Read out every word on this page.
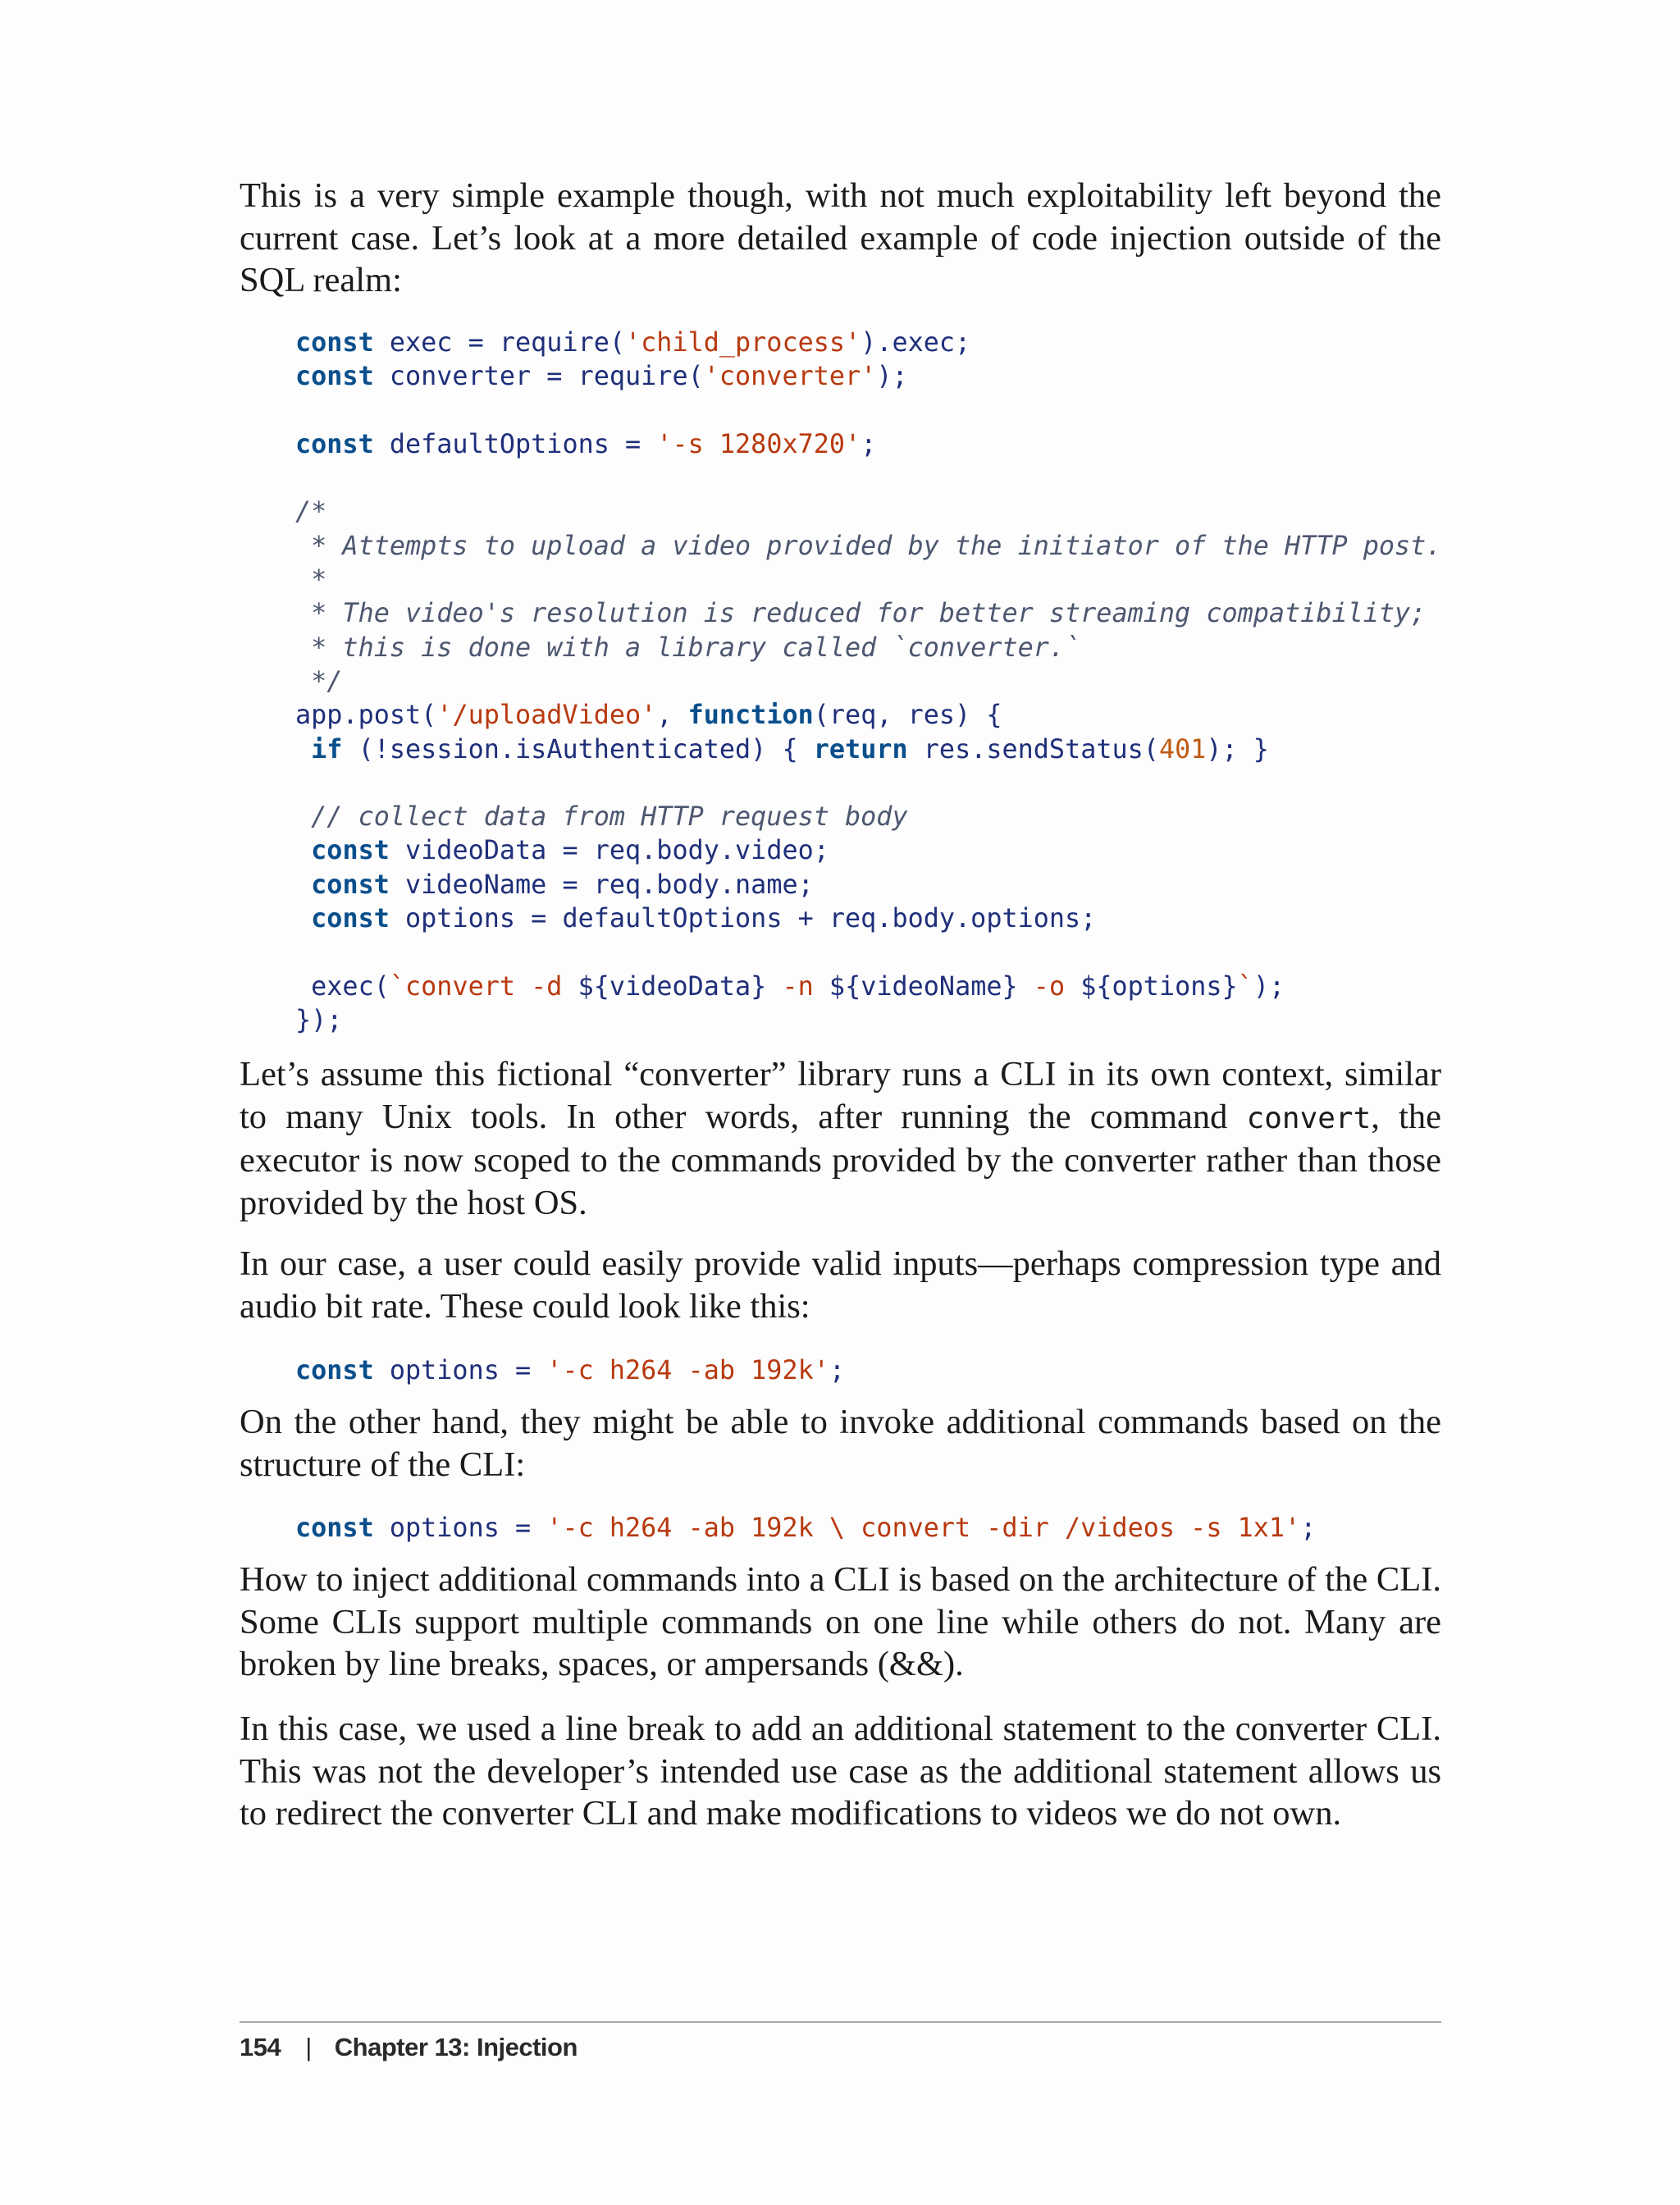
This is a very simple example though, with not much exploitability left beyond the current case. Let’s look at a more detailed example of code injection outside of the SQL realm:

const exec = require('child_process').exec;
const converter = require('converter');
const defaultOptions = '-s 1280x720';
/*
* Attempts to upload a video provided by the initiator of the HTTP post.
*
* The video's resolution is reduced for better streaming compatibility;
* this is done with a library called `converter.`
*/
app.post('/uploadVideo', function(req, res) {
if (!session.isAuthenticated) { return res.sendStatus(401); }
// collect data from HTTP request body
const videoData = req.body.video;
const videoName = req.body.name;
const options = defaultOptions + req.body.options;
exec(`convert -d ${videoData} -n ${videoName} -o ${options}`);
});

Let’s assume this fictional “converter” library runs a CLI in its own context, similar to many Unix tools. In other words, after running the command convert, the executor is now scoped to the commands provided by the converter rather than those provided by the host OS.

In our case, a user could easily provide valid inputs—perhaps compression type and audio bit rate. These could look like this:

const options = '-c h264 -ab 192k';

On the other hand, they might be able to invoke additional commands based on the structure of the CLI:

const options = '-c h264 -ab 192k \ convert -dir /videos -s 1x1';

How to inject additional commands into a CLI is based on the architecture of the CLI. Some CLIs support multiple commands on one line while others do not. Many are broken by line breaks, spaces, or ampersands (&&).

In this case, we used a line break to add an additional statement to the converter CLI. This was not the developer’s intended use case as the additional statement allows us to redirect the converter CLI and make modifications to videos we do not own.

154 | Chapter 13: Injection
